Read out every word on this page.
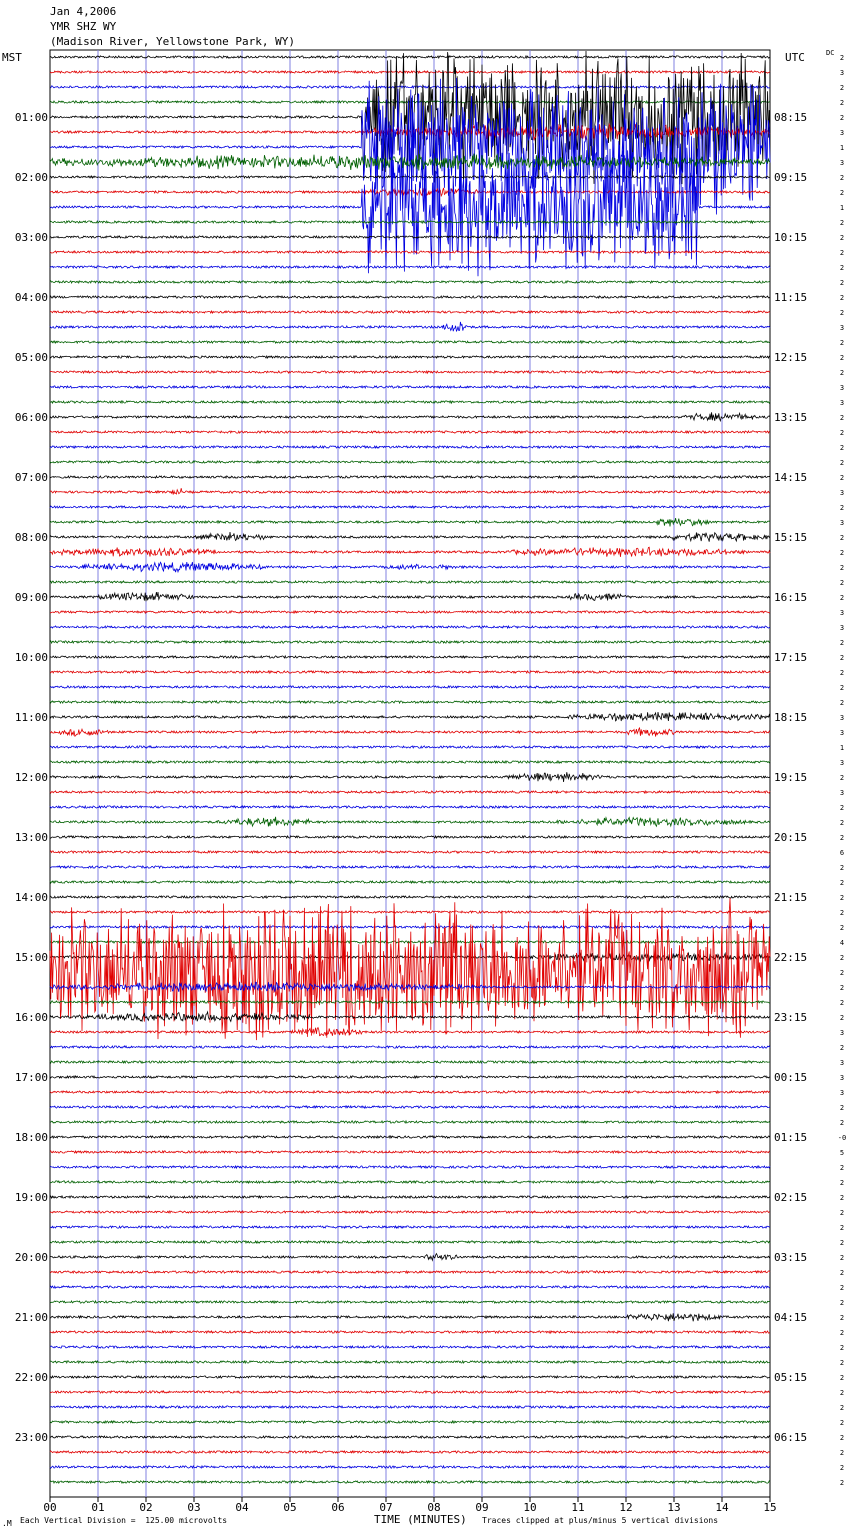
Jan 4,2006
YMR SHZ WY
(Madison River, Yellowstone Park, WY)
MST	UTC	DC
00	01	02	03	04	05	06	07	08	09	10	11	12	13	14	15
2
3
2
2
2
3
1
3
2
2
1
2
2
2
2
2
2
2
3
2
2
2
3
3
2
2
2
2
2
3
2
3
2
2
2
2
2
3
3
2
2
2
2
2
3
3
1
3
2
3
2
2
2
6
2
2
2
2
2
4
2
2
2
2
2
3
2
3
3
3
2
2
-0
5
2
2
2
2
2
2
2
2
2
2
2
2
2
2
2
2
2
2
2
2
2
2
01:00
02:00
03:00
04:00
05:00
06:00
07:00
08:00
09:00
10:00
11:00
12:00
13:00
14:00
15:00
16:00
17:00
18:00
19:00
20:00
21:00
22:00
23:00
08:15
09:15
10:15
11:15
12:15
13:15
14:15
15:15
16:15
17:15
18:15
19:15
20:15
21:15
22:15
23:15
00:15
01:15
02:15
03:15
04:15
05:15
06:15
.M Each Vertical Division =  125.00 microvolts	TIME (MINUTES) Traces clipped at plus/minus 5 vertical divisions
